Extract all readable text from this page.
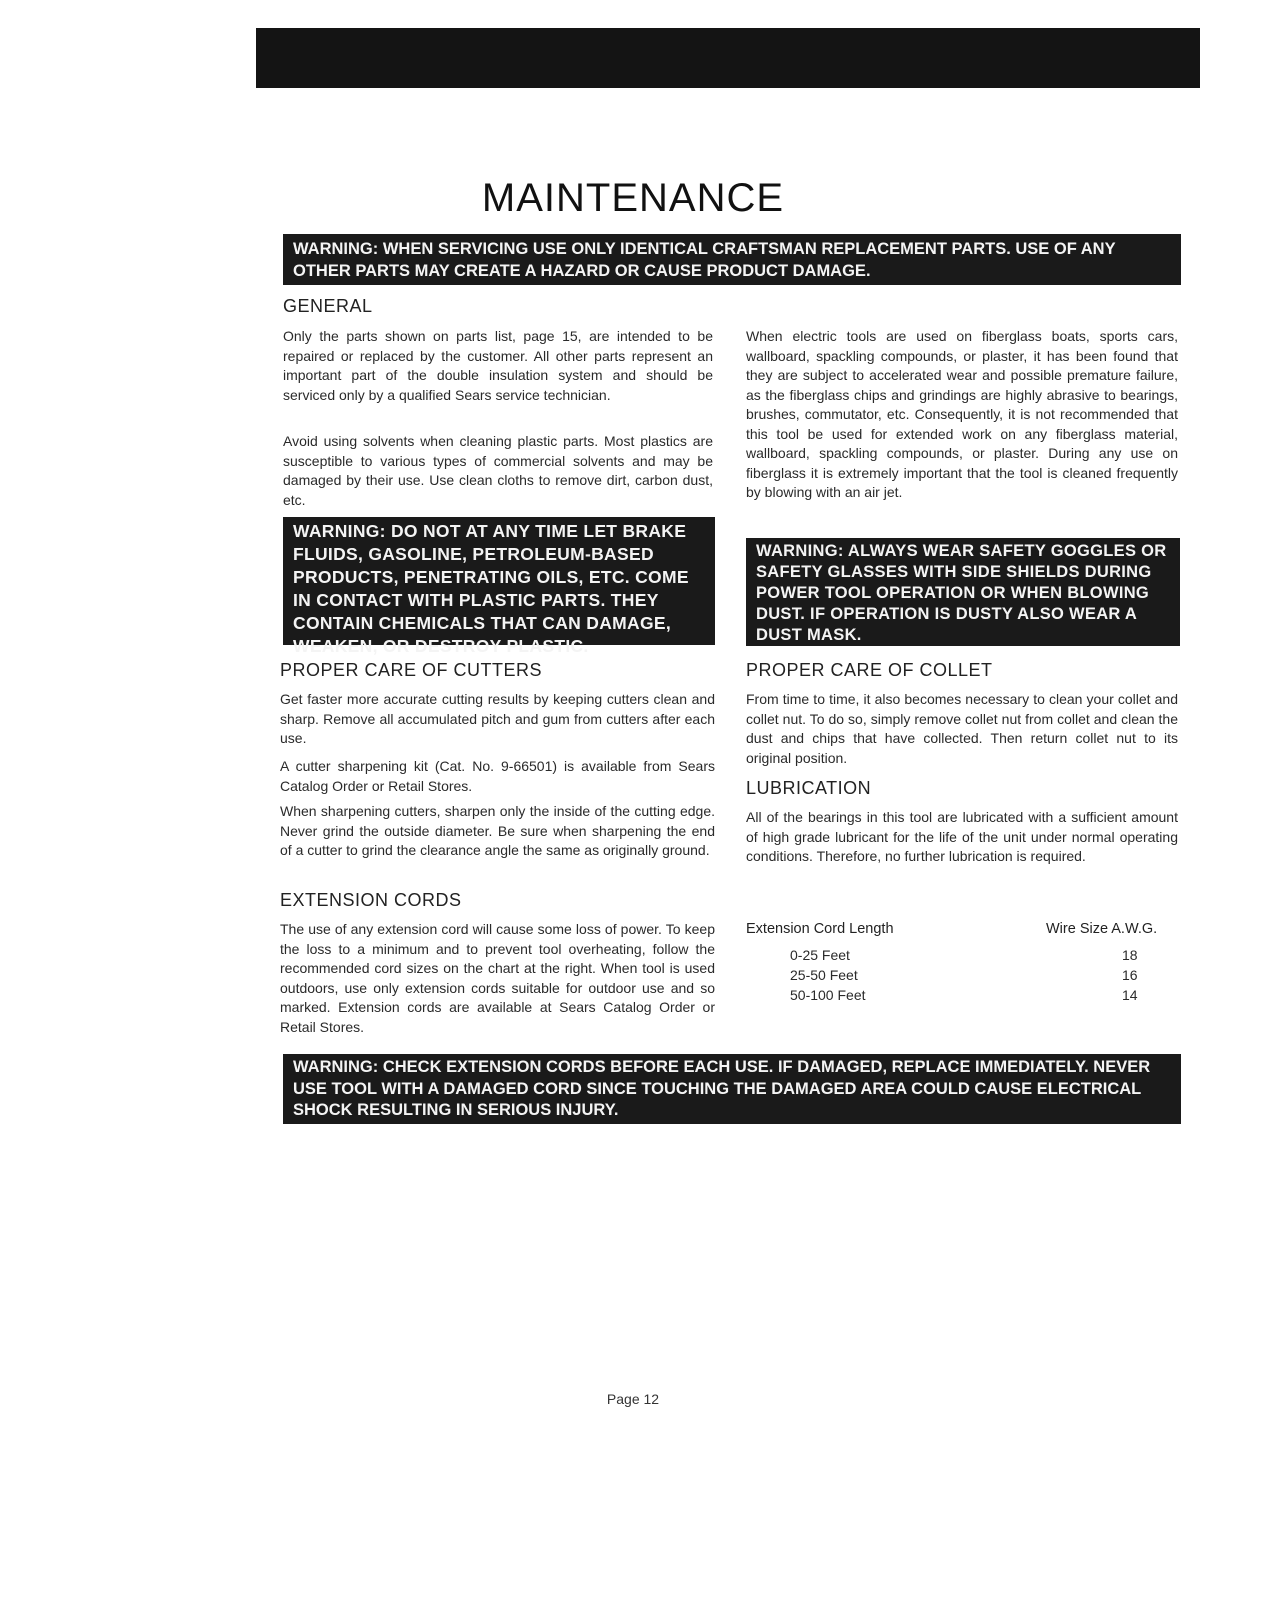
MAINTENANCE

WARNING: WHEN SERVICING USE ONLY IDENTICAL CRAFTSMAN REPLACEMENT PARTS. USE OF ANY OTHER PARTS MAY CREATE A HAZARD OR CAUSE PRODUCT DAMAGE.

GENERAL

Only the parts shown on parts list, page 15, are intended to be repaired or replaced by the customer. All other parts represent an important part of the double insulation system and should be serviced only by a qualified Sears service technician.

Avoid using solvents when cleaning plastic parts. Most plastics are susceptible to various types of commercial solvents and may be damaged by their use. Use clean cloths to remove dirt, carbon dust, etc.

WARNING: DO NOT AT ANY TIME LET BRAKE FLUIDS, GASOLINE, PETROLEUM-BASED PRODUCTS, PENETRATING OILS, ETC. COME IN CONTACT WITH PLASTIC PARTS. THEY CONTAIN CHEMICALS THAT CAN DAMAGE, WEAKEN, OR DESTROY PLASTIC.

PROPER CARE OF CUTTERS

Get faster more accurate cutting results by keeping cutters clean and sharp. Remove all accumulated pitch and gum from cutters after each use.

A cutter sharpening kit (Cat. No. 9-66501) is available from Sears Catalog Order or Retail Stores.

When sharpening cutters, sharpen only the inside of the cutting edge. Never grind the outside diameter. Be sure when sharpening the end of a cutter to grind the clearance angle the same as originally ground.

EXTENSION CORDS

The use of any extension cord will cause some loss of power. To keep the loss to a minimum and to prevent tool overheating, follow the recommended cord sizes on the chart at the right. When tool is used outdoors, use only extension cords suitable for outdoor use and so marked. Extension cords are available at Sears Catalog Order or Retail Stores.

When electric tools are used on fiberglass boats, sports cars, wallboard, spackling compounds, or plaster, it has been found that they are subject to accelerated wear and possible premature failure, as the fiberglass chips and grindings are highly abrasive to bearings, brushes, commutator, etc. Consequently, it is not recommended that this tool be used for extended work on any fiberglass material, wallboard, spackling compounds, or plaster. During any use on fiberglass it is extremely important that the tool is cleaned frequently by blowing with an air jet.

WARNING: ALWAYS WEAR SAFETY GOGGLES OR SAFETY GLASSES WITH SIDE SHIELDS DURING POWER TOOL OPERATION OR WHEN BLOWING DUST. IF OPERATION IS DUSTY ALSO WEAR A DUST MASK.

PROPER CARE OF COLLET

From time to time, it also becomes necessary to clean your collet and collet nut. To do so, simply remove collet nut from collet and clean the dust and chips that have collected. Then return collet nut to its original position.

LUBRICATION

All of the bearings in this tool are lubricated with a sufficient amount of high grade lubricant for the life of the unit under normal operating conditions. Therefore, no further lubrication is required.

Extension Cord Length	Wire Size A.W.G.
0-25 Feet	18
25-50 Feet	16
50-100 Feet	14

WARNING: CHECK EXTENSION CORDS BEFORE EACH USE. IF DAMAGED, REPLACE IMMEDIATELY. NEVER USE TOOL WITH A DAMAGED CORD SINCE TOUCHING THE DAMAGED AREA COULD CAUSE ELECTRICAL SHOCK RESULTING IN SERIOUS INJURY.

Page 12
